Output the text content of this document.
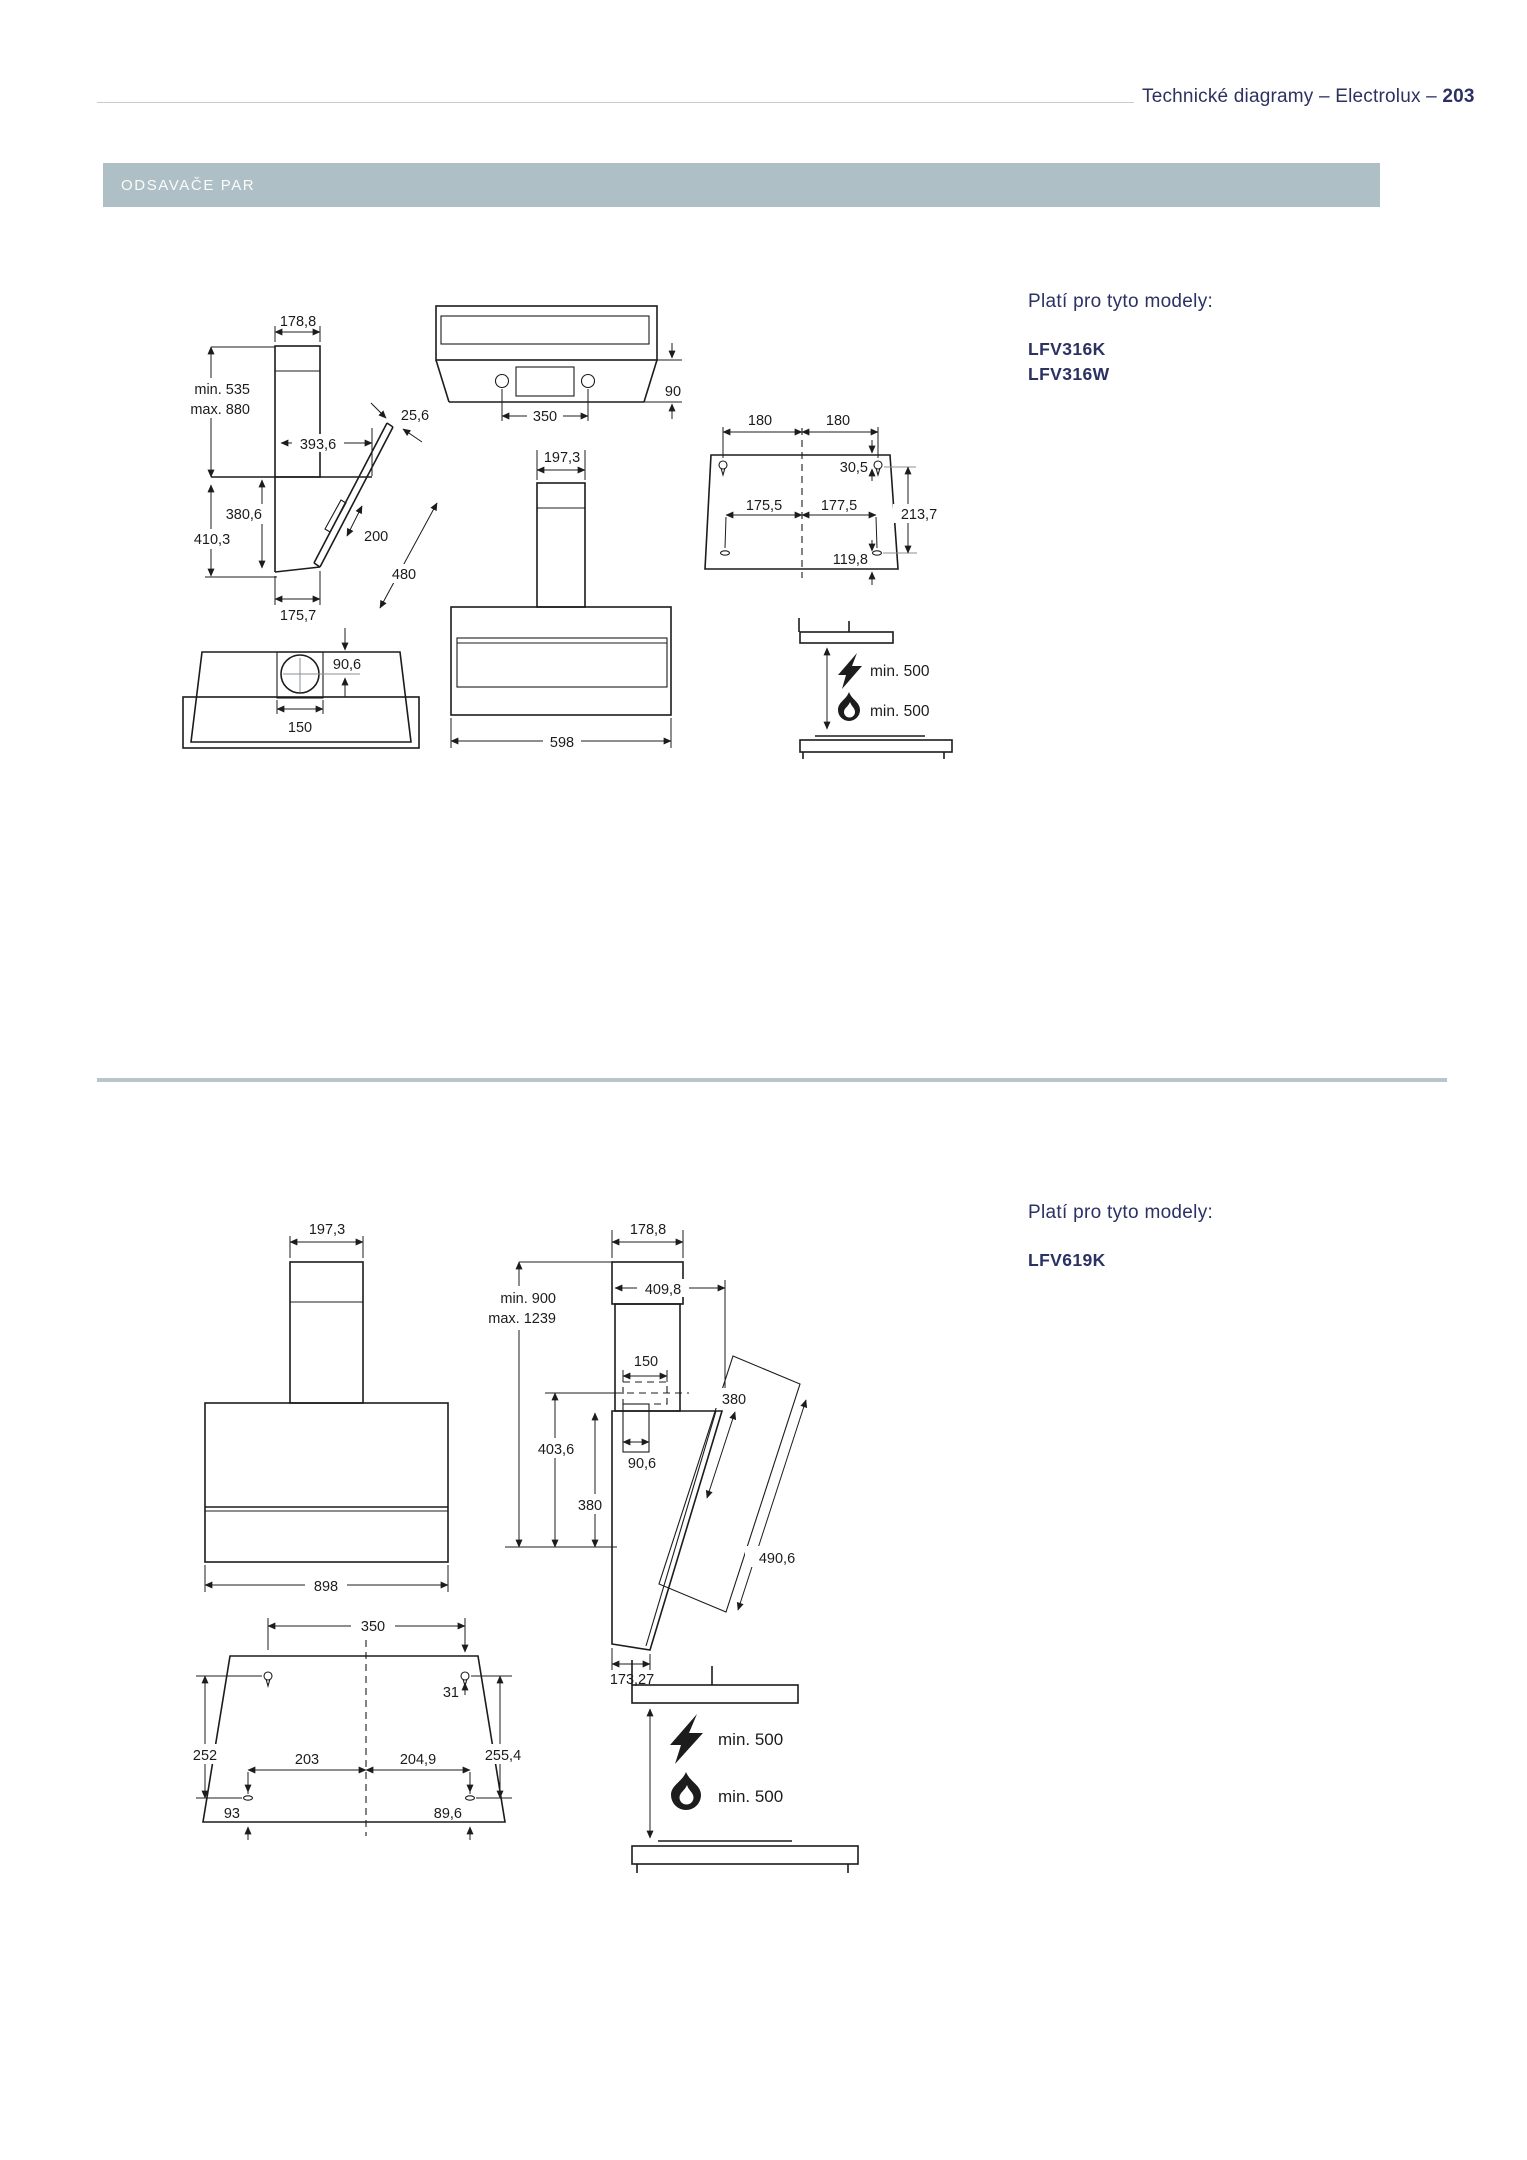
Technické diagramy – Electrolux – 203
ODSAVAČE PAR
Platí pro tyto modely:
LFV316K
LFV316W
Platí pro tyto modely:
LFV619K
178,8
min. 535
max. 880
393,6
25,6
200
380,6
410,3
480
175,7
350
90
197,3
598
90,6
150
180	180
30,5
213,7
175,5	177,5
119,8
min. 500
min. 500
197,3
898
178,8
min. 900
max. 1239
409,8
150
90,6
403,6
380
380
490,6
173,27
350
31
252	203	204,9	255,4
93	89,6
min. 500
min. 500
